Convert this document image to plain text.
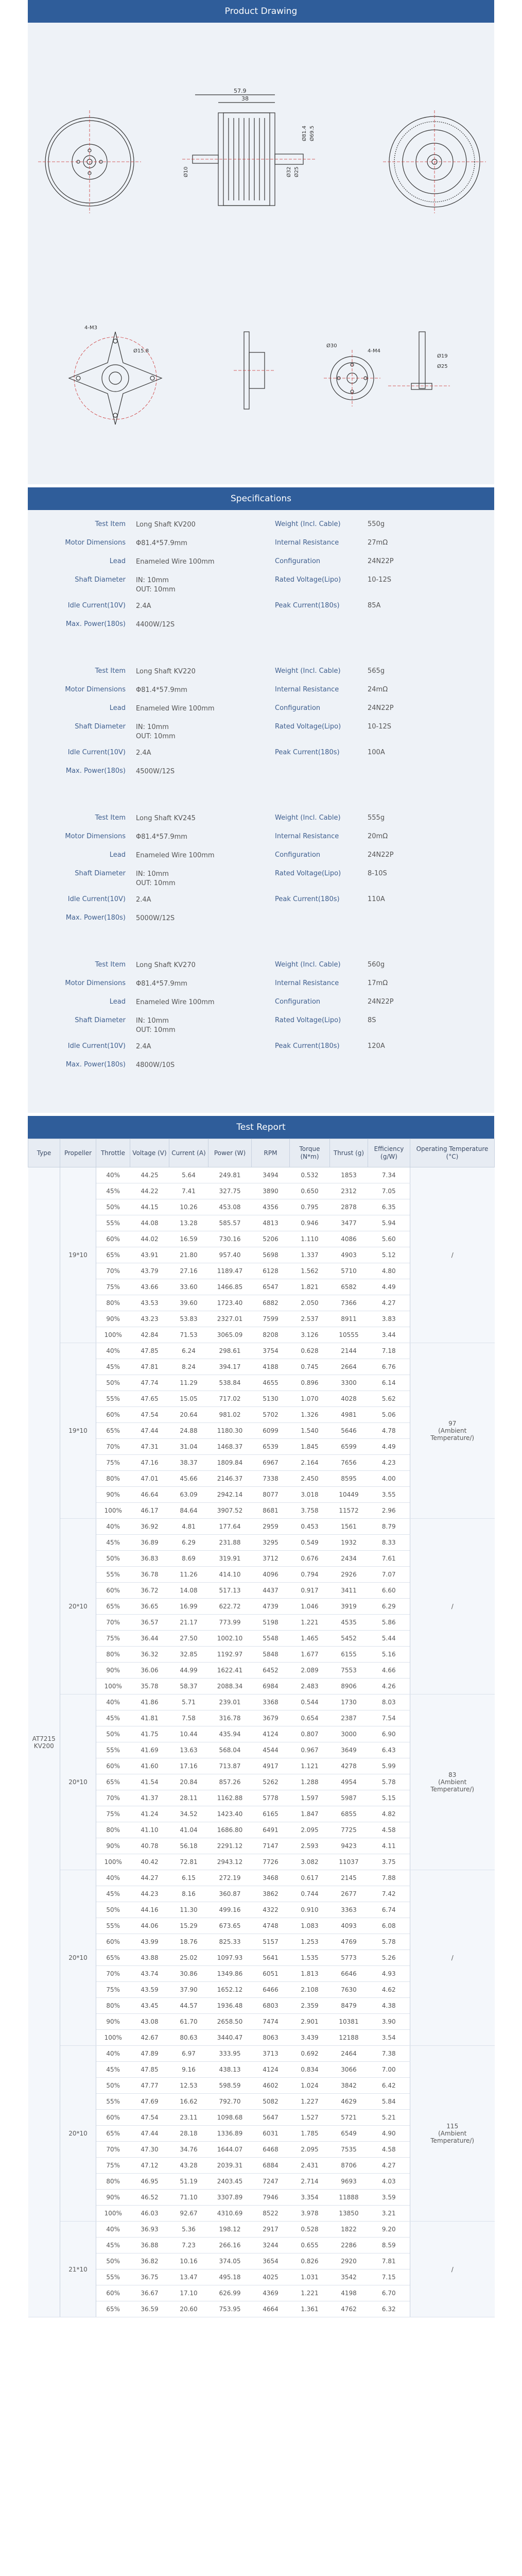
Product Drawing
57.9
38
Ø81.4 Ø69.5
Ø32 Ø25
Ø10
4-M3
Ø15.8
Ø30
4-M4
Ø19
Ø25
Specifications
Test Item Long Shaft KV200
Motor Dimensions Φ81.4*57.9mm
Lead Enameled Wire 100mm
Shaft Diameter IN: 10mm
OUT: 10mm
Idle Current(10V) 2.4A
Max. Power(180s) 4400W/12S
Weight (Incl. Cable)	550g
Internal Resistance	27mΩ
Configuration	24N22P
Rated Voltage(Lipo)	10-12S
Peak Current(180s)	85A
Test Item Long Shaft KV220
Motor Dimensions Φ81.4*57.9mm
Lead Enameled Wire 100mm
Shaft Diameter IN: 10mm
OUT: 10mm
Idle Current(10V) 2.4A
Max. Power(180s) 4500W/12S
Weight (Incl. Cable)	565g
Internal Resistance	24mΩ
Configuration	24N22P
Rated Voltage(Lipo)	10-12S
Peak Current(180s)	100A
Test Item Long Shaft KV245
Motor Dimensions Φ81.4*57.9mm
Lead Enameled Wire 100mm
Shaft Diameter IN: 10mm
OUT: 10mm
Idle Current(10V) 2.4A
Max. Power(180s) 5000W/12S
Weight (Incl. Cable)	555g
Internal Resistance	20mΩ
Configuration	24N22P
Rated Voltage(Lipo)	8-10S
Peak Current(180s)	110A
Test Item Long Shaft KV270
Motor Dimensions Φ81.4*57.9mm
Lead Enameled Wire 100mm
Shaft Diameter IN: 10mm
OUT: 10mm
Idle Current(10V) 2.4A
Max. Power(180s) 4800W/10S
Weight (Incl. Cable)	560g
Internal Resistance	17mΩ
Configuration	24N22P
Rated Voltage(Lipo)	8S
Peak Current(180s)	120A
Test Report
Type	Propeller	Throttle	Voltage (V)	Current (A)	Power (W)	RPM	Torque (N*m)	Thrust (g)	Efficiency (g/W)	Operating Temperature (°C)
AT7215 KV200	19*10	40%	44.25	5.64	249.81	3494	0.532	1853	7.34	/
		45%	44.22	7.41	327.75	3890	0.650	2312	7.05	
		50%	44.15	10.26	453.08	4356	0.795	2878	6.35	
		55%	44.08	13.28	585.57	4813	0.946	3477	5.94	
		60%	44.02	16.59	730.16	5206	1.110	4086	5.60	
		65%	43.91	21.80	957.40	5698	1.337	4903	5.12	
		70%	43.79	27.16	1189.47	6128	1.562	5710	4.80	
		75%	43.66	33.60	1466.85	6547	1.821	6582	4.49	
		80%	43.53	39.60	1723.40	6882	2.050	7366	4.27	
		90%	43.23	53.83	2327.01	7599	2.537	8911	3.83	
		100%	42.84	71.53	3065.09	8208	3.126	10555	3.44	
	19*10	40%	47.85	6.24	298.61	3754	0.628	2144	7.18	97
(Ambient
Temperature/)
		45%	47.81	8.24	394.17	4188	0.745	2664	6.76	
		50%	47.74	11.29	538.84	4655	0.896	3300	6.14	
		55%	47.65	15.05	717.02	5130	1.070	4028	5.62	
		60%	47.54	20.64	981.02	5702	1.326	4981	5.06	
		65%	47.44	24.88	1180.30	6099	1.540	5646	4.78	
		70%	47.31	31.04	1468.37	6539	1.845	6599	4.49	
		75%	47.16	38.37	1809.84	6967	2.164	7656	4.23	
		80%	47.01	45.66	2146.37	7338	2.450	8595	4.00	
		90%	46.64	63.09	2942.14	8077	3.018	10449	3.55	
		100%	46.17	84.64	3907.52	8681	3.758	11572	2.96	
	20*10	40%	36.92	4.81	177.64	2959	0.453	1561	8.79	/
		45%	36.89	6.29	231.88	3295	0.549	1932	8.33	
		50%	36.83	8.69	319.91	3712	0.676	2434	7.61	
		55%	36.78	11.26	414.10	4096	0.794	2926	7.07	
		60%	36.72	14.08	517.13	4437	0.917	3411	6.60	
		65%	36.65	16.99	622.72	4739	1.046	3919	6.29	
		70%	36.57	21.17	773.99	5198	1.221	4535	5.86	
		75%	36.44	27.50	1002.10	5548	1.465	5452	5.44	
		80%	36.32	32.85	1192.97	5848	1.677	6155	5.16	
		90%	36.06	44.99	1622.41	6452	2.089	7553	4.66	
		100%	35.78	58.37	2088.34	6984	2.483	8906	4.26	
	20*10	40%	41.86	5.71	239.01	3368	0.544	1730	8.03	83
(Ambient
Temperature/)
		45%	41.81	7.58	316.78	3679	0.654	2387	7.54	
		50%	41.75	10.44	435.94	4124	0.807	3000	6.90	
		55%	41.69	13.63	568.04	4544	0.967	3649	6.43	
		60%	41.60	17.16	713.87	4917	1.121	4278	5.99	
		65%	41.54	20.84	857.26	5262	1.288	4954	5.78	
		70%	41.37	28.11	1162.88	5778	1.597	5987	5.15	
		75%	41.24	34.52	1423.40	6165	1.847	6855	4.82	
		80%	41.10	41.04	1686.80	6491	2.095	7725	4.58	
		90%	40.78	56.18	2291.12	7147	2.593	9423	4.11	
		100%	40.42	72.81	2943.12	7726	3.082	11037	3.75	
	20*10	40%	44.27	6.15	272.19	3468	0.617	2145	7.88	/
		45%	44.23	8.16	360.87	3862	0.744	2677	7.42	
		50%	44.16	11.30	499.16	4322	0.910	3363	6.74	
		55%	44.06	15.29	673.65	4748	1.083	4093	6.08	
		60%	43.99	18.76	825.33	5157	1.253	4769	5.78	
		65%	43.88	25.02	1097.93	5641	1.535	5773	5.26	
		70%	43.74	30.86	1349.86	6051	1.813	6646	4.93	
		75%	43.59	37.90	1652.12	6466	2.108	7630	4.62	
		80%	43.45	44.57	1936.48	6803	2.359	8479	4.38	
		90%	43.08	61.70	2658.50	7474	2.901	10381	3.90	
		100%	42.67	80.63	3440.47	8063	3.439	12188	3.54	
	20*10	40%	47.89	6.97	333.95	3713	0.692	2464	7.38	115
(Ambient
Temperature/)
		45%	47.85	9.16	438.13	4124	0.834	3066	7.00	
		50%	47.77	12.53	598.59	4602	1.024	3842	6.42	
		55%	47.69	16.62	792.70	5082	1.227	4629	5.84	
		60%	47.54	23.11	1098.68	5647	1.527	5721	5.21	
		65%	47.44	28.18	1336.89	6031	1.785	6549	4.90	
		70%	47.30	34.76	1644.07	6468	2.095	7535	4.58	
		75%	47.12	43.28	2039.31	6884	2.431	8706	4.27	
		80%	46.95	51.19	2403.45	7247	2.714	9693	4.03	
		90%	46.52	71.10	3307.89	7946	3.354	11888	3.59	
		100%	46.03	92.67	4310.69	8522	3.978	13850	3.21	
	21*10	40%	36.93	5.36	198.12	2917	0.528	1822	9.20	/
		45%	36.88	7.23	266.16	3244	0.655	2286	8.59	
		50%	36.82	10.16	374.05	3654	0.826	2920	7.81	
		55%	36.75	13.47	495.18	4025	1.031	3542	7.15	
		60%	36.67	17.10	626.99	4369	1.221	4198	6.70	
		65%	36.59	20.60	753.95	4664	1.361	4762	6.32	
